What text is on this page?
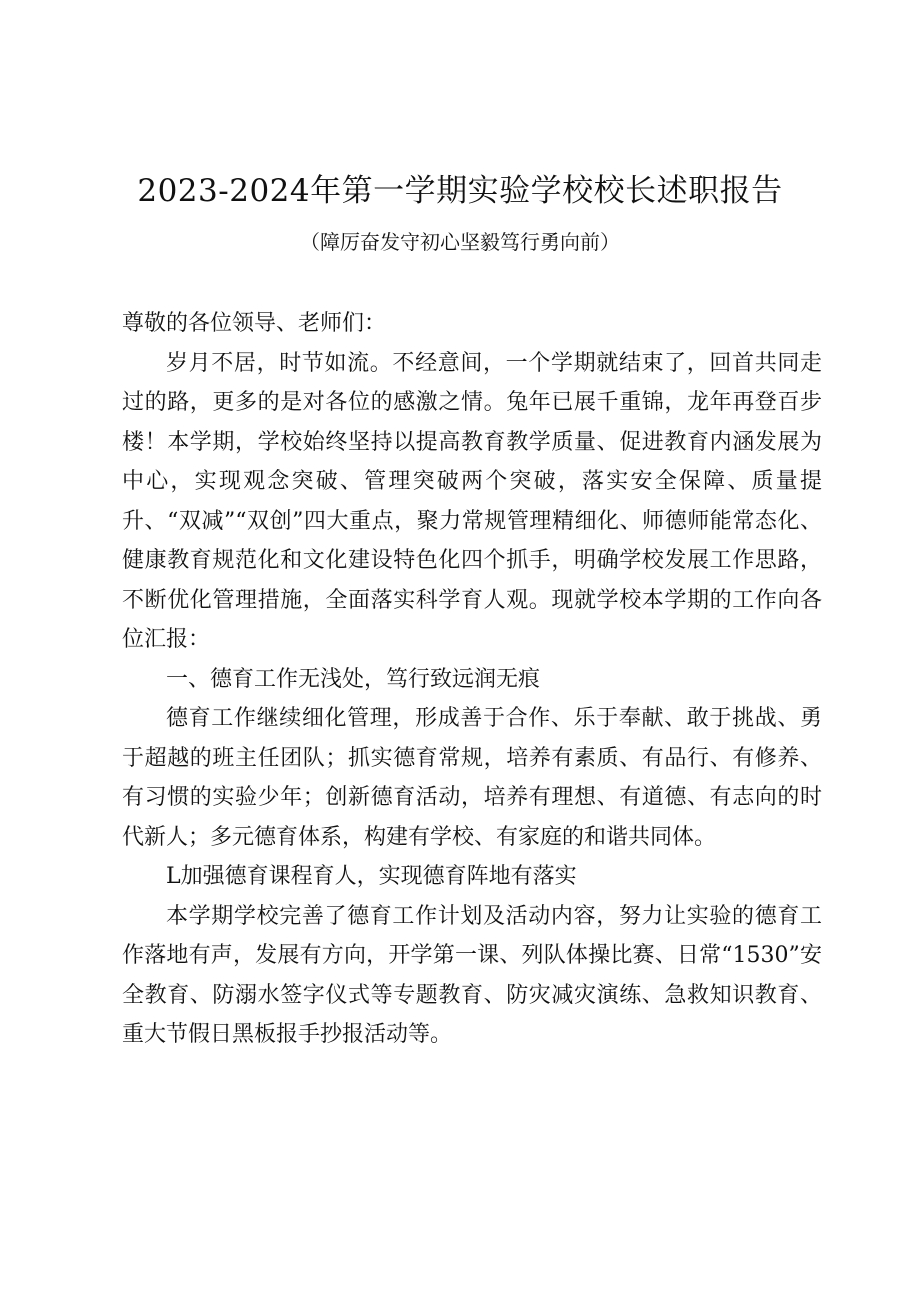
2023-2024年第一学期实验学校校长述职报告
（障厉奋发守初心坚毅笃行勇向前）

尊敬的各位领导、老师们：

岁月不居，时节如流。不经意间，一个学期就结束了，回首共同走过的路，更多的是对各位的感激之情。兔年已展千重锦，龙年再登百步楼！本学期，学校始终坚持以提高教育教学质量、促进教育内涵发展为中心，实现观念突破、管理突破两个突破，落实安全保障、质量提升、“双减”“双创”四大重点，聚力常规管理精细化、师德师能常态化、健康教育规范化和文化建设特色化四个抓手，明确学校发展工作思路，不断优化管理措施，全面落实科学育人观。现就学校本学期的工作向各位汇报：

一、德育工作无浅处，笃行致远润无痕

德育工作继续细化管理，形成善于合作、乐于奉献、敢于挑战、勇于超越的班主任团队；抓实德育常规，培养有素质、有品行、有修养、有习惯的实验少年；创新德育活动，培养有理想、有道德、有志向的时代新人；多元德育体系，构建有学校、有家庭的和谐共同体。

L加强德育课程育人，实现德育阵地有落实

本学期学校完善了德育工作计划及活动内容，努力让实验的德育工作落地有声，发展有方向，开学第一课、列队体操比赛、日常“1530”安全教育、防溺水签字仪式等专题教育、防灾减灾演练、急救知识教育、重大节假日黑板报手抄报活动等。
